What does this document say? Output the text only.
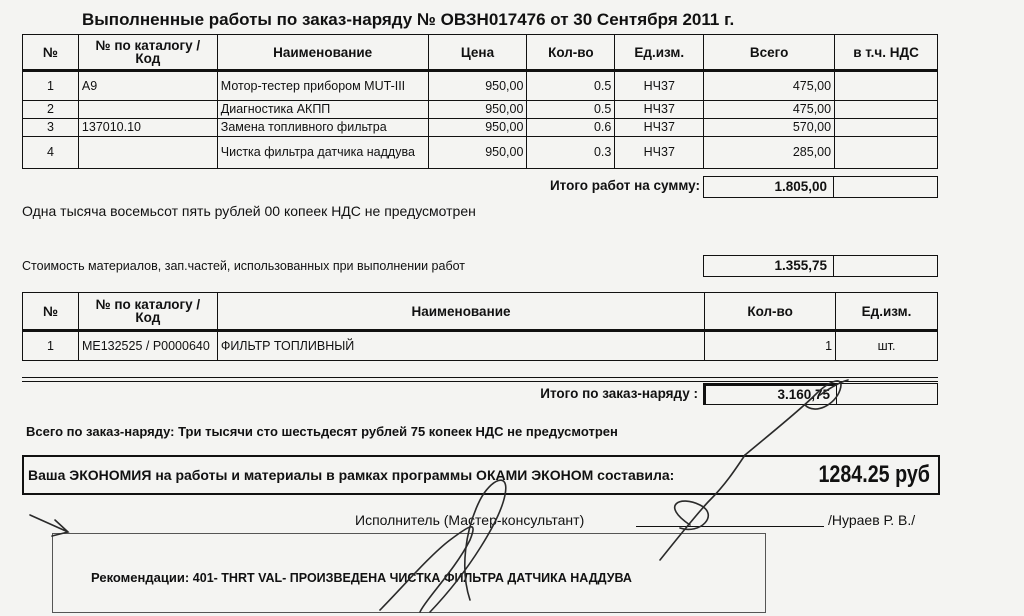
Выполненные работы по заказ-наряду № ОВЗН017476 от 30 Сентября 2011 г.
№	№ по каталогу / Код	Наименование	Цена	Кол-во	Ед.изм.	Всего	в т.ч. НДС
1	A9	Мотор-тестер прибором MUT-III	950,00	0.5	НЧ37	475,00	
2		Диагностика АКПП	950,00	0.5	НЧ37	475,00	
3	137010.10	Замена топливного фильтра	950,00	0.6	НЧ37	570,00	
4		Чистка фильтра датчика наддува	950,00	0.3	НЧ37	285,00	
Итого работ на сумму:	1.805,00
Одна тысяча восемьсот пять рублей 00 копеек НДС не предусмотрен
Стоимость материалов, зап.частей, использованных при выполнении работ	1.355,75
№	№ по каталогу / Код	Наименование	Кол-во	Ед.изм.
1	ME132525 / P0000640	ФИЛЬТР ТОПЛИВНЫЙ	1	шт.
Итого по заказ-наряду :	3.160,75
Всего по заказ-наряду: Три тысячи сто шестьдесят рублей 75 копеек НДС не предусмотрен
Ваша ЭКОНОМИЯ на работы и материалы в рамках программы ОКАМИ ЭКОНОМ составила:	1284.25 руб
Исполнитель (Мастер-консультант)	/Нураев Р. В./
Рекомендации: 401- THRT VAL- ПРОИЗВЕДЕНА ЧИСТКА ФИЛЬТРА ДАТЧИКА НАДДУВА
